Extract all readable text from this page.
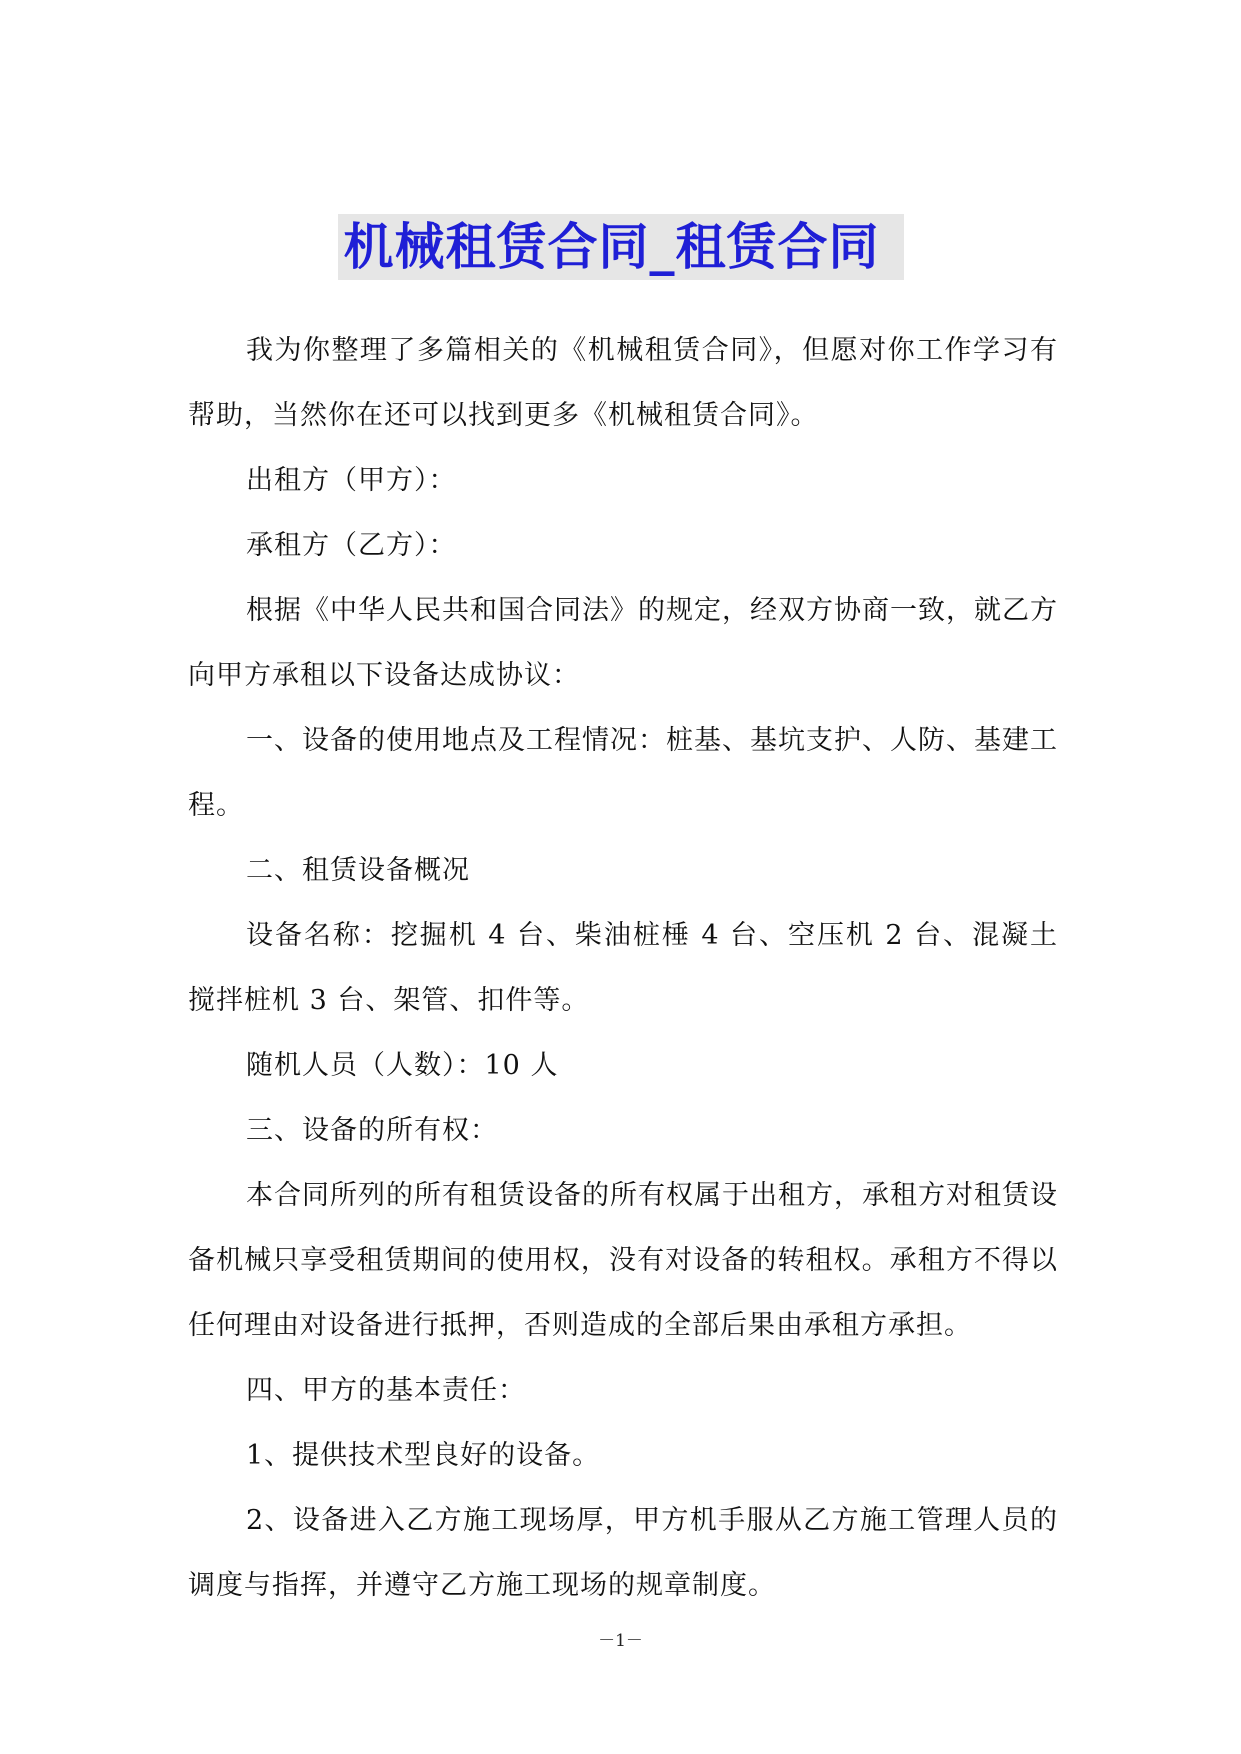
机械租赁合同_租赁合同

我为你整理了多篇相关的《机械租赁合同》，但愿对你工作学习有帮助，当然你在还可以找到更多《机械租赁合同》。

出租方（甲方）：

承租方（乙方）：

根据《中华人民共和国合同法》的规定，经双方协商一致，就乙方向甲方承租以下设备达成协议：

一、设备的使用地点及工程情况：桩基、基坑支护、人防、基建工程。

二、租赁设备概况

设备名称：挖掘机 4 台、柴油桩棰 4 台、空压机 2 台、混凝土搅拌桩机 3 台、架管、扣件等。

随机人员（人数）：10 人

三、设备的所有权：

本合同所列的所有租赁设备的所有权属于出租方，承租方对租赁设备机械只享受租赁期间的使用权，没有对设备的转租权。承租方不得以任何理由对设备进行抵押，否则造成的全部后果由承租方承担。

四、甲方的基本责任：

1、提供技术型良好的设备。

2、设备进入乙方施工现场厚，甲方机手服从乙方施工管理人员的调度与指挥，并遵守乙方施工现场的规章制度。

－1－
